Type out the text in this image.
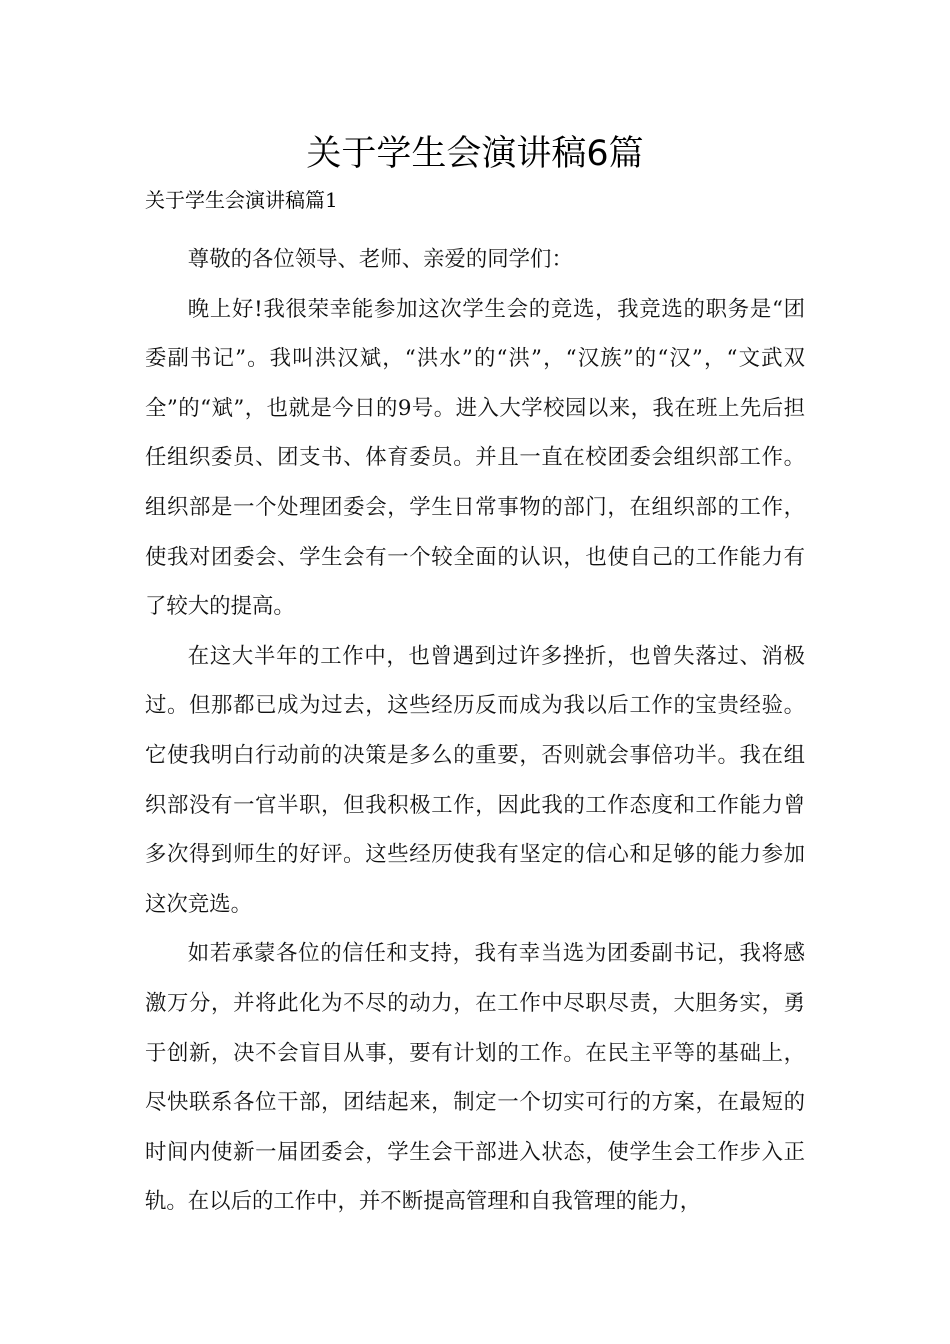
关于学生会演讲稿6篇
关于学生会演讲稿篇1

尊敬的各位领导、老师、亲爱的同学们：

晚上好!我很荣幸能参加这次学生会的竞选，我竞选的职务是“团委副书记”。我叫洪汉斌，“洪水”的“洪”，“汉族”的“汉”，“文武双全”的“斌”，也就是今日的9号。进入大学校园以来，我在班上先后担任组织委员、团支书、体育委员。并且一直在校团委会组织部工作。组织部是一个处理团委会，学生日常事物的部门，在组织部的工作，使我对团委会、学生会有一个较全面的认识，也使自己的工作能力有了较大的提高。

在这大半年的工作中，也曾遇到过许多挫折，也曾失落过、消极过。但那都已成为过去，这些经历反而成为我以后工作的宝贵经验。它使我明白行动前的决策是多么的重要，否则就会事倍功半。我在组织部没有一官半职，但我积极工作，因此我的工作态度和工作能力曾多次得到师生的好评。这些经历使我有坚定的信心和足够的能力参加这次竞选。

如若承蒙各位的信任和支持，我有幸当选为团委副书记，我将感激万分，并将此化为不尽的动力，在工作中尽职尽责，大胆务实，勇于创新，决不会盲目从事，要有计划的工作。在民主平等的基础上，尽快联系各位干部，团结起来，制定一个切实可行的方案，在最短的时间内使新一届团委会，学生会干部进入状态，使学生会工作步入正轨。在以后的工作中，并不断提高管理和自我管理的能力，
